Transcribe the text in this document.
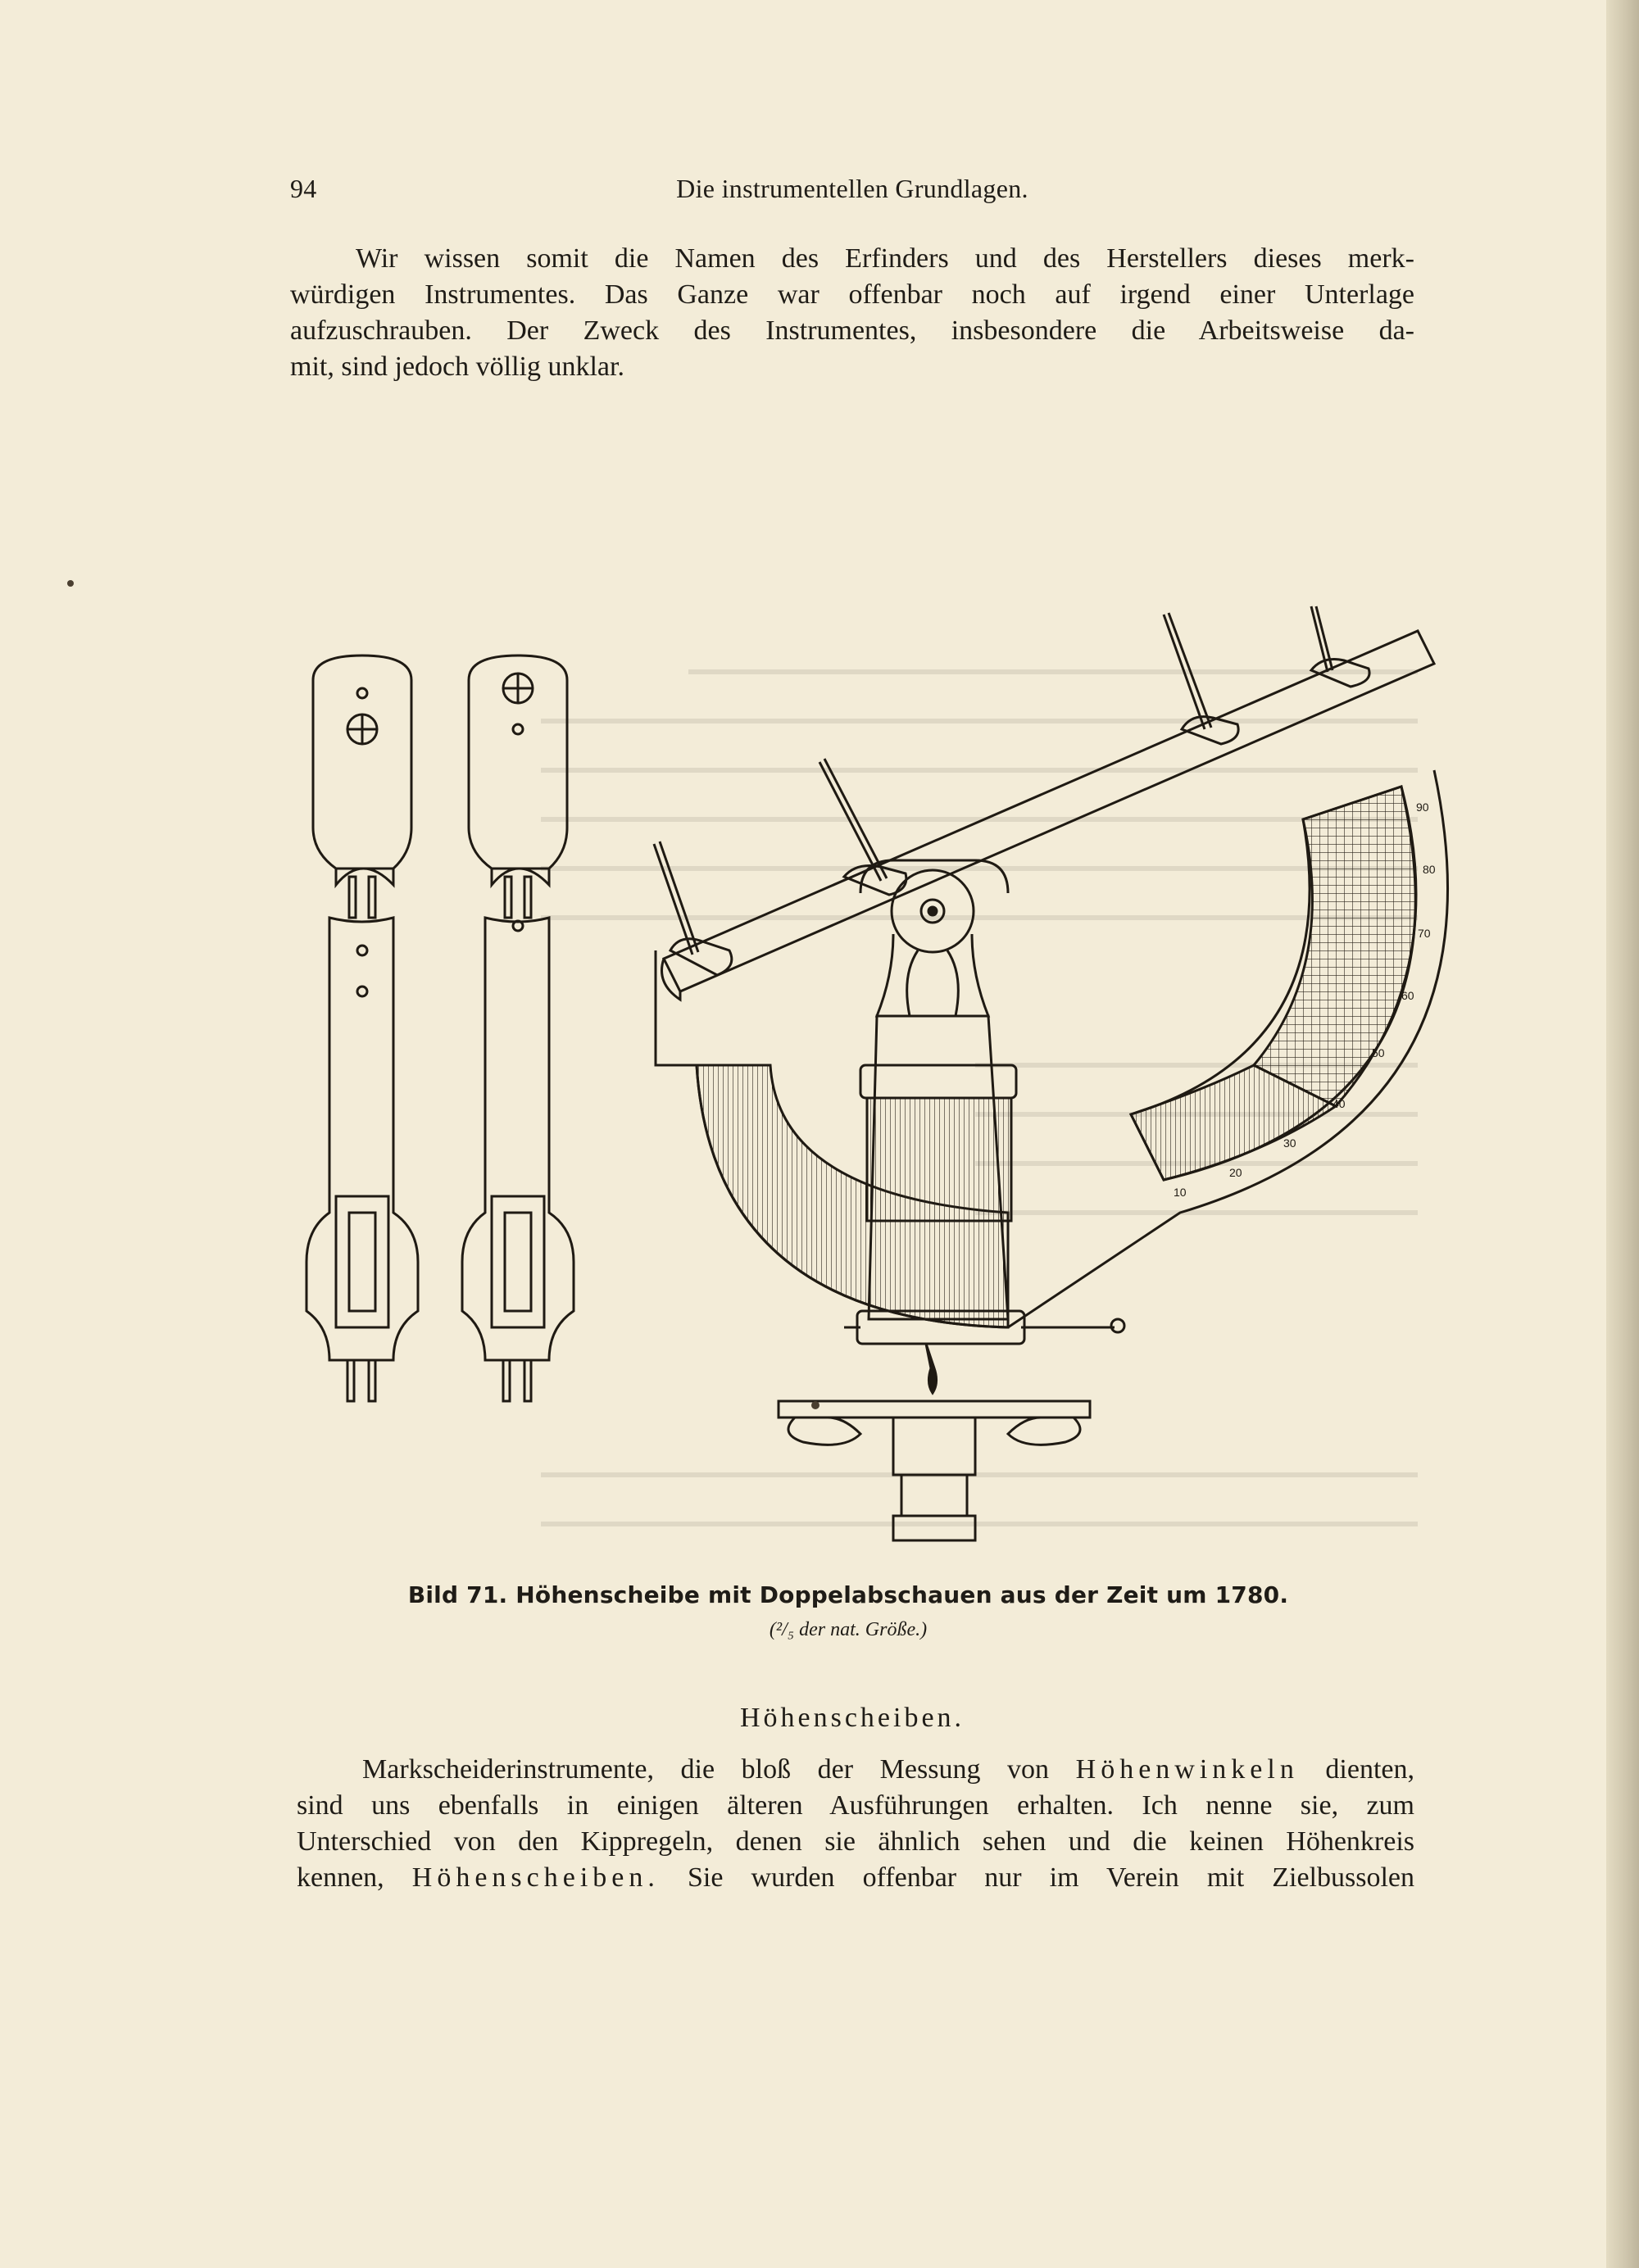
94	Die instrumentellen Grundlagen.

Wir wissen somit die Namen des Erfinders und des Herstellers dieses merk-
würdigen Instrumentes. Das Ganze war offenbar noch auf irgend einer Unterlage
aufzuschrauben. Der Zweck des Instrumentes, insbesondere die Arbeitsweise da-
mit, sind jedoch völlig unklar.

10
20
30
40
50
60
70
80
90
Bild 71. Höhenscheibe mit Doppelabschauen aus der Zeit um 1780.
(²/₅ der nat. Größe.)
Höhenscheiben.

Markscheiderinstrumente, die bloß der Messung von Höhenwinkeln dienten,
sind uns ebenfalls in einigen älteren Ausführungen erhalten. Ich nenne sie, zum
Unterschied von den Kippregeln, denen sie ähnlich sehen und die keinen Höhenkreis
kennen, Höhenscheiben. Sie wurden offenbar nur im Verein mit Zielbussolen
